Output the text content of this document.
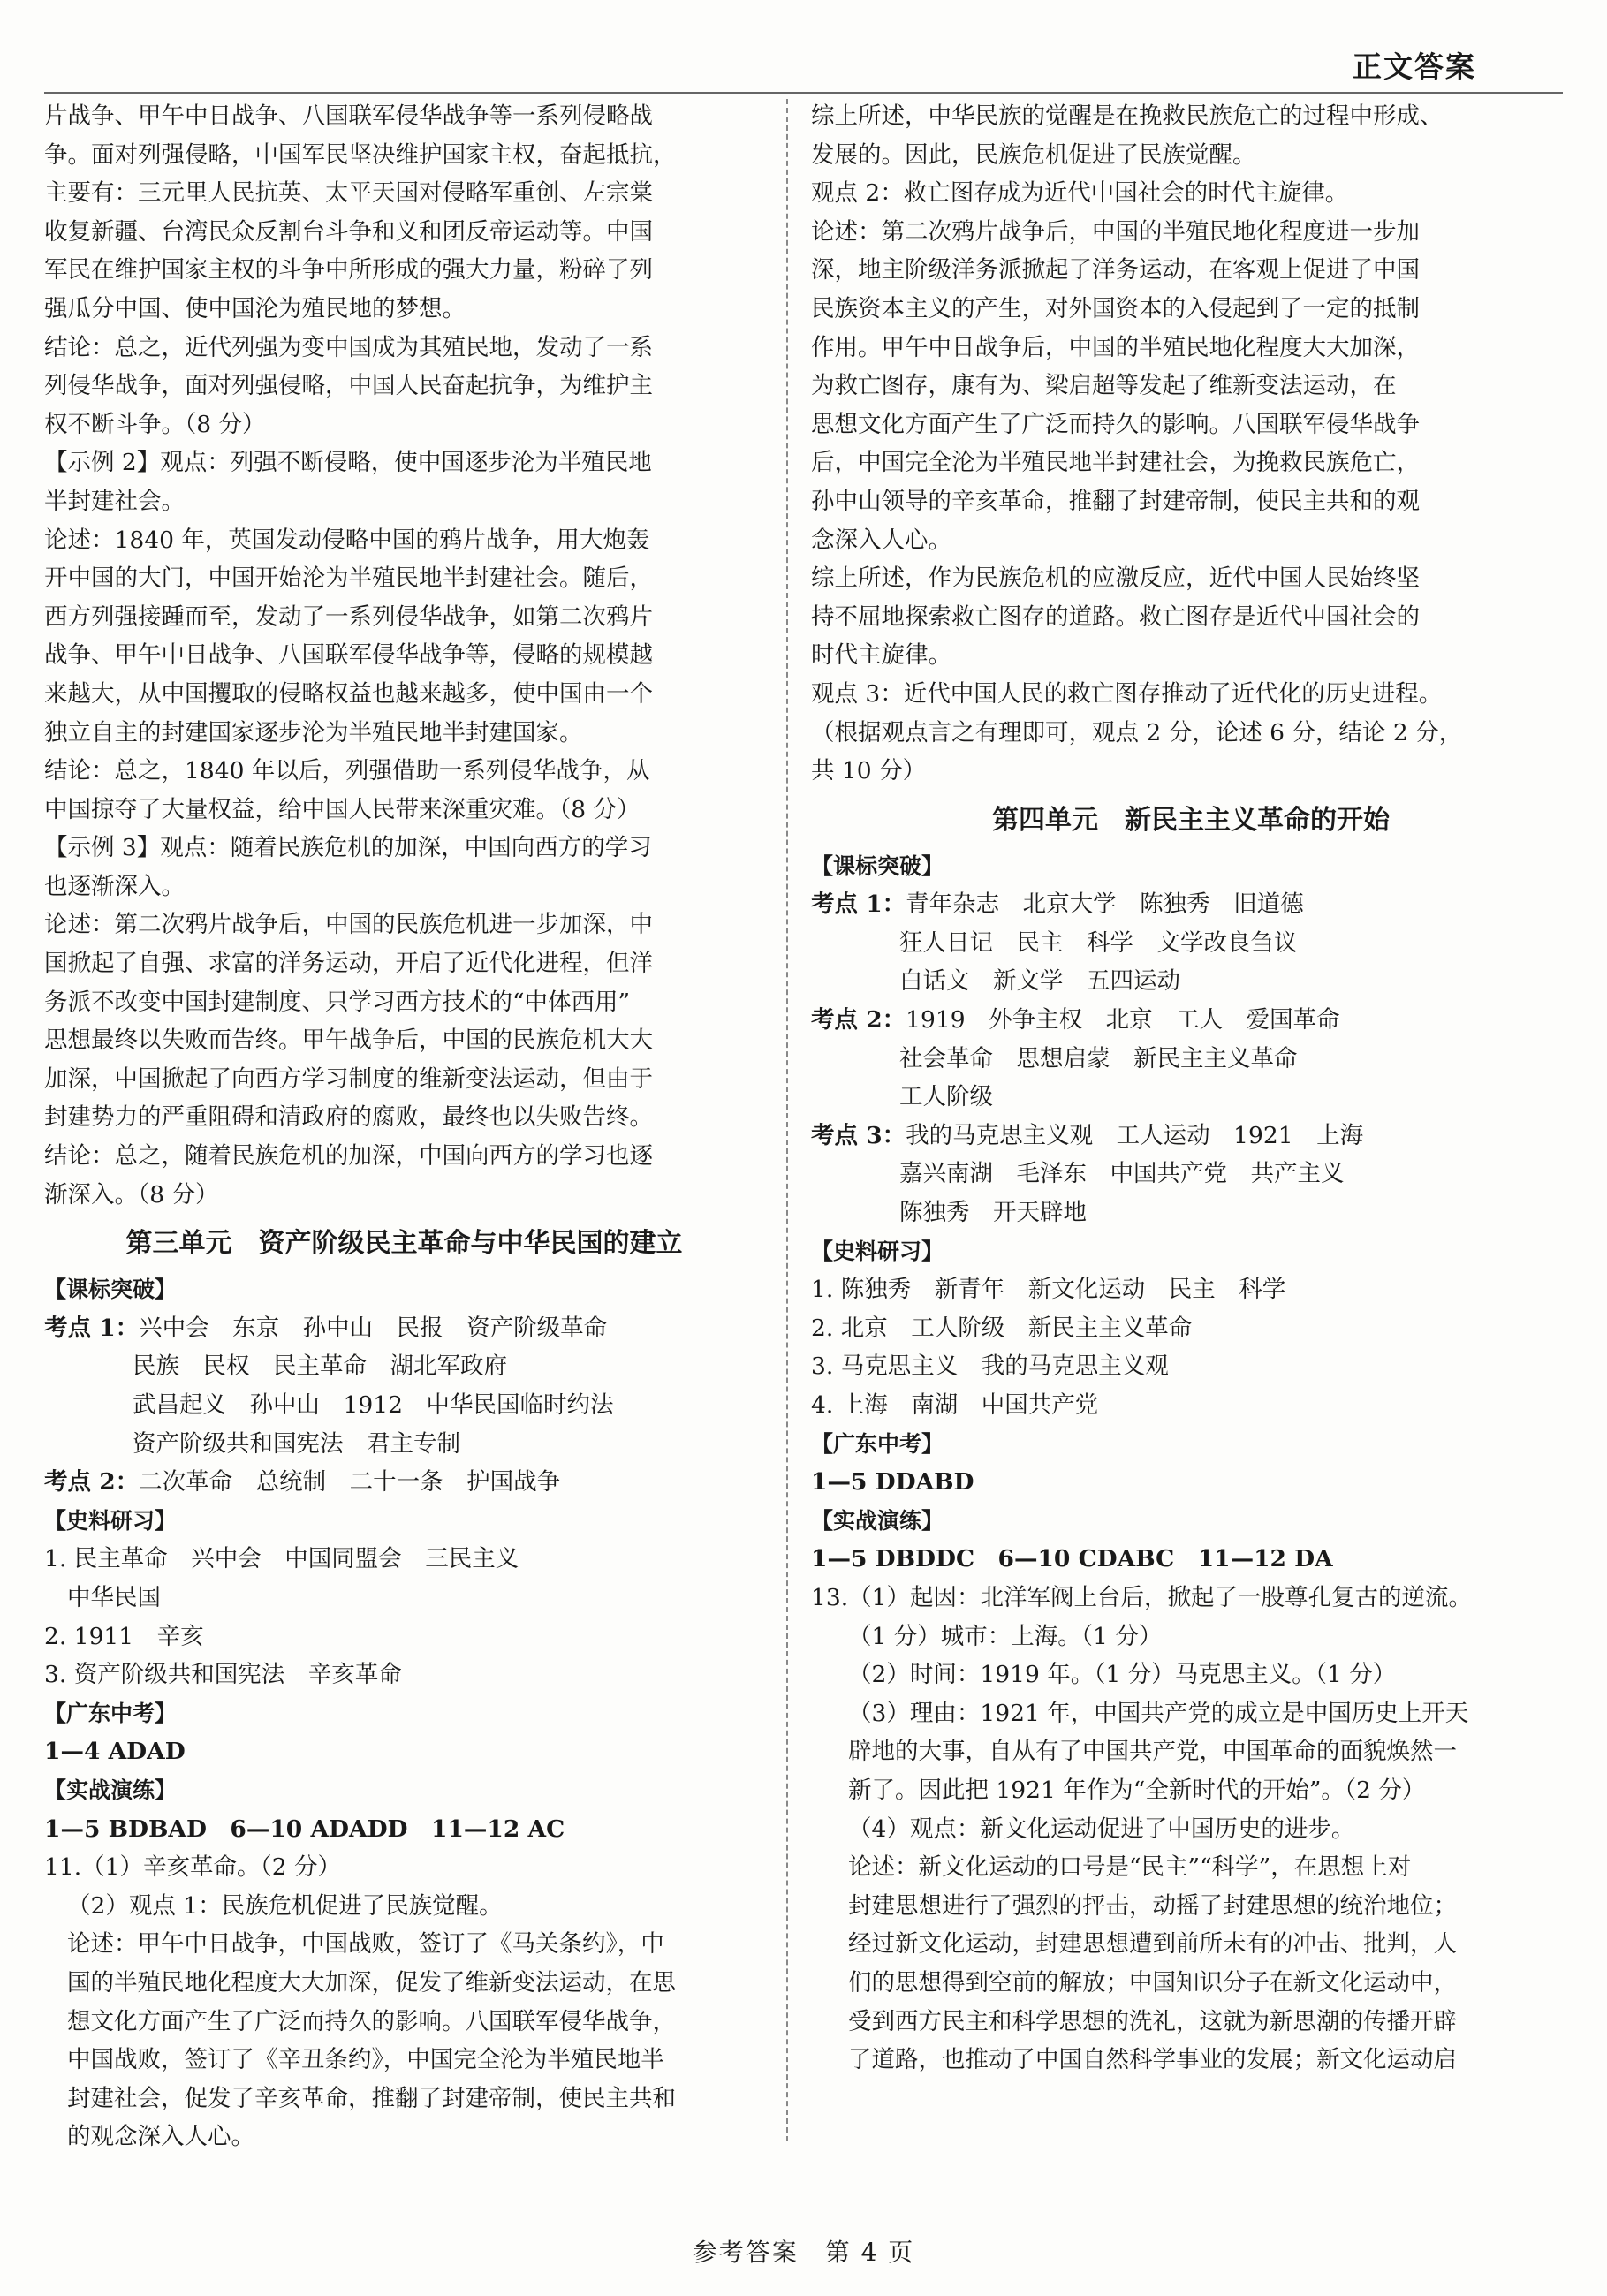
正文答案

片战争、甲午中日战争、八国联军侵华战争等一系列侵略战

争。面对列强侵略，中国军民坚决维护国家主权，奋起抵抗，

主要有：三元里人民抗英、太平天国对侵略军重创、左宗棠

收复新疆、台湾民众反割台斗争和义和团反帝运动等。中国

军民在维护国家主权的斗争中所形成的强大力量，粉碎了列

强瓜分中国、使中国沦为殖民地的梦想。

结论：总之，近代列强为变中国成为其殖民地，发动了一系

列侵华战争，面对列强侵略，中国人民奋起抗争，为维护主

权不断斗争。（8 分）

【示例 2】观点：列强不断侵略，使中国逐步沦为半殖民地

半封建社会。

论述：1840 年，英国发动侵略中国的鸦片战争，用大炮轰

开中国的大门，中国开始沦为半殖民地半封建社会。随后，

西方列强接踵而至，发动了一系列侵华战争，如第二次鸦片

战争、甲午中日战争、八国联军侵华战争等，侵略的规模越

来越大，从中国攫取的侵略权益也越来越多，使中国由一个

独立自主的封建国家逐步沦为半殖民地半封建国家。

结论：总之，1840 年以后，列强借助一系列侵华战争，从

中国掠夺了大量权益，给中国人民带来深重灾难。（8 分）

【示例 3】观点：随着民族危机的加深，中国向西方的学习

也逐渐深入。

论述：第二次鸦片战争后，中国的民族危机进一步加深，中

国掀起了自强、求富的洋务运动，开启了近代化进程，但洋

务派不改变中国封建制度、只学习西方技术的“中体西用”

思想最终以失败而告终。甲午战争后，中国的民族危机大大

加深，中国掀起了向西方学习制度的维新变法运动，但由于

封建势力的严重阻碍和清政府的腐败，最终也以失败告终。

结论：总之，随着民族危机的加深，中国向西方的学习也逐

渐深入。（8 分）

第三单元　资产阶级民主革命与中华民国的建立

【课标突破】

考点 1：兴中会　东京　孙中山　民报　资产阶级革命

民族　民权　民主革命　湖北军政府

武昌起义　孙中山　1912　中华民国临时约法

资产阶级共和国宪法　君主专制

考点 2：二次革命　总统制　二十一条　护国战争

【史料研习】

1. 民主革命　兴中会　中国同盟会　三民主义

中华民国

2. 1911　辛亥

3. 资产阶级共和国宪法　辛亥革命

【广东中考】

1—4 ADAD

【实战演练】

1—5 BDBAD　6—10 ADADD　11—12 AC

11.（1）辛亥革命。（2 分）

（2）观点 1：民族危机促进了民族觉醒。

论述：甲午中日战争，中国战败，签订了《马关条约》，中

国的半殖民地化程度大大加深，促发了维新变法运动，在思

想文化方面产生了广泛而持久的影响。八国联军侵华战争，

中国战败，签订了《辛丑条约》，中国完全沦为半殖民地半

封建社会，促发了辛亥革命，推翻了封建帝制，使民主共和

的观念深入人心。

综上所述，中华民族的觉醒是在挽救民族危亡的过程中形成、

发展的。因此，民族危机促进了民族觉醒。

观点 2：救亡图存成为近代中国社会的时代主旋律。

论述：第二次鸦片战争后，中国的半殖民地化程度进一步加

深，地主阶级洋务派掀起了洋务运动，在客观上促进了中国

民族资本主义的产生，对外国资本的入侵起到了一定的抵制

作用。甲午中日战争后，中国的半殖民地化程度大大加深，

为救亡图存，康有为、梁启超等发起了维新变法运动，在

思想文化方面产生了广泛而持久的影响。八国联军侵华战争

后，中国完全沦为半殖民地半封建社会，为挽救民族危亡，

孙中山领导的辛亥革命，推翻了封建帝制，使民主共和的观

念深入人心。

综上所述，作为民族危机的应激反应，近代中国人民始终坚

持不屈地探索救亡图存的道路。救亡图存是近代中国社会的

时代主旋律。

观点 3：近代中国人民的救亡图存推动了近代化的历史进程。

（根据观点言之有理即可，观点 2 分，论述 6 分，结论 2 分，

共 10 分）

第四单元　新民主主义革命的开始

【课标突破】

考点 1：青年杂志　北京大学　陈独秀　旧道德

狂人日记　民主　科学　文学改良刍议

白话文　新文学　五四运动

考点 2：1919　外争主权　北京　工人　爱国革命

社会革命　思想启蒙　新民主主义革命

工人阶级

考点 3：我的马克思主义观　工人运动　1921　上海

嘉兴南湖　毛泽东　中国共产党　共产主义

陈独秀　开天辟地

【史料研习】

1. 陈独秀　新青年　新文化运动　民主　科学

2. 北京　工人阶级　新民主主义革命

3. 马克思主义　我的马克思主义观

4. 上海　南湖　中国共产党

【广东中考】

1—5 DDABD

【实战演练】

1—5 DBDDC　6—10 CDABC　11—12 DA

13.（1）起因：北洋军阀上台后，掀起了一股尊孔复古的逆流。

（1 分）城市：上海。（1 分）

（2）时间：1919 年。（1 分）马克思主义。（1 分）

（3）理由：1921 年，中国共产党的成立是中国历史上开天

辟地的大事，自从有了中国共产党，中国革命的面貌焕然一

新了。因此把 1921 年作为“全新时代的开始”。（2 分）

（4）观点：新文化运动促进了中国历史的进步。

论述：新文化运动的口号是“民主”“科学”，在思想上对

封建思想进行了强烈的抨击，动摇了封建思想的统治地位；

经过新文化运动，封建思想遭到前所未有的冲击、批判，人

们的思想得到空前的解放；中国知识分子在新文化运动中，

受到西方民主和科学思想的洗礼，这就为新思潮的传播开辟

了道路，也推动了中国自然科学事业的发展；新文化运动启

参考答案　第 4 页
